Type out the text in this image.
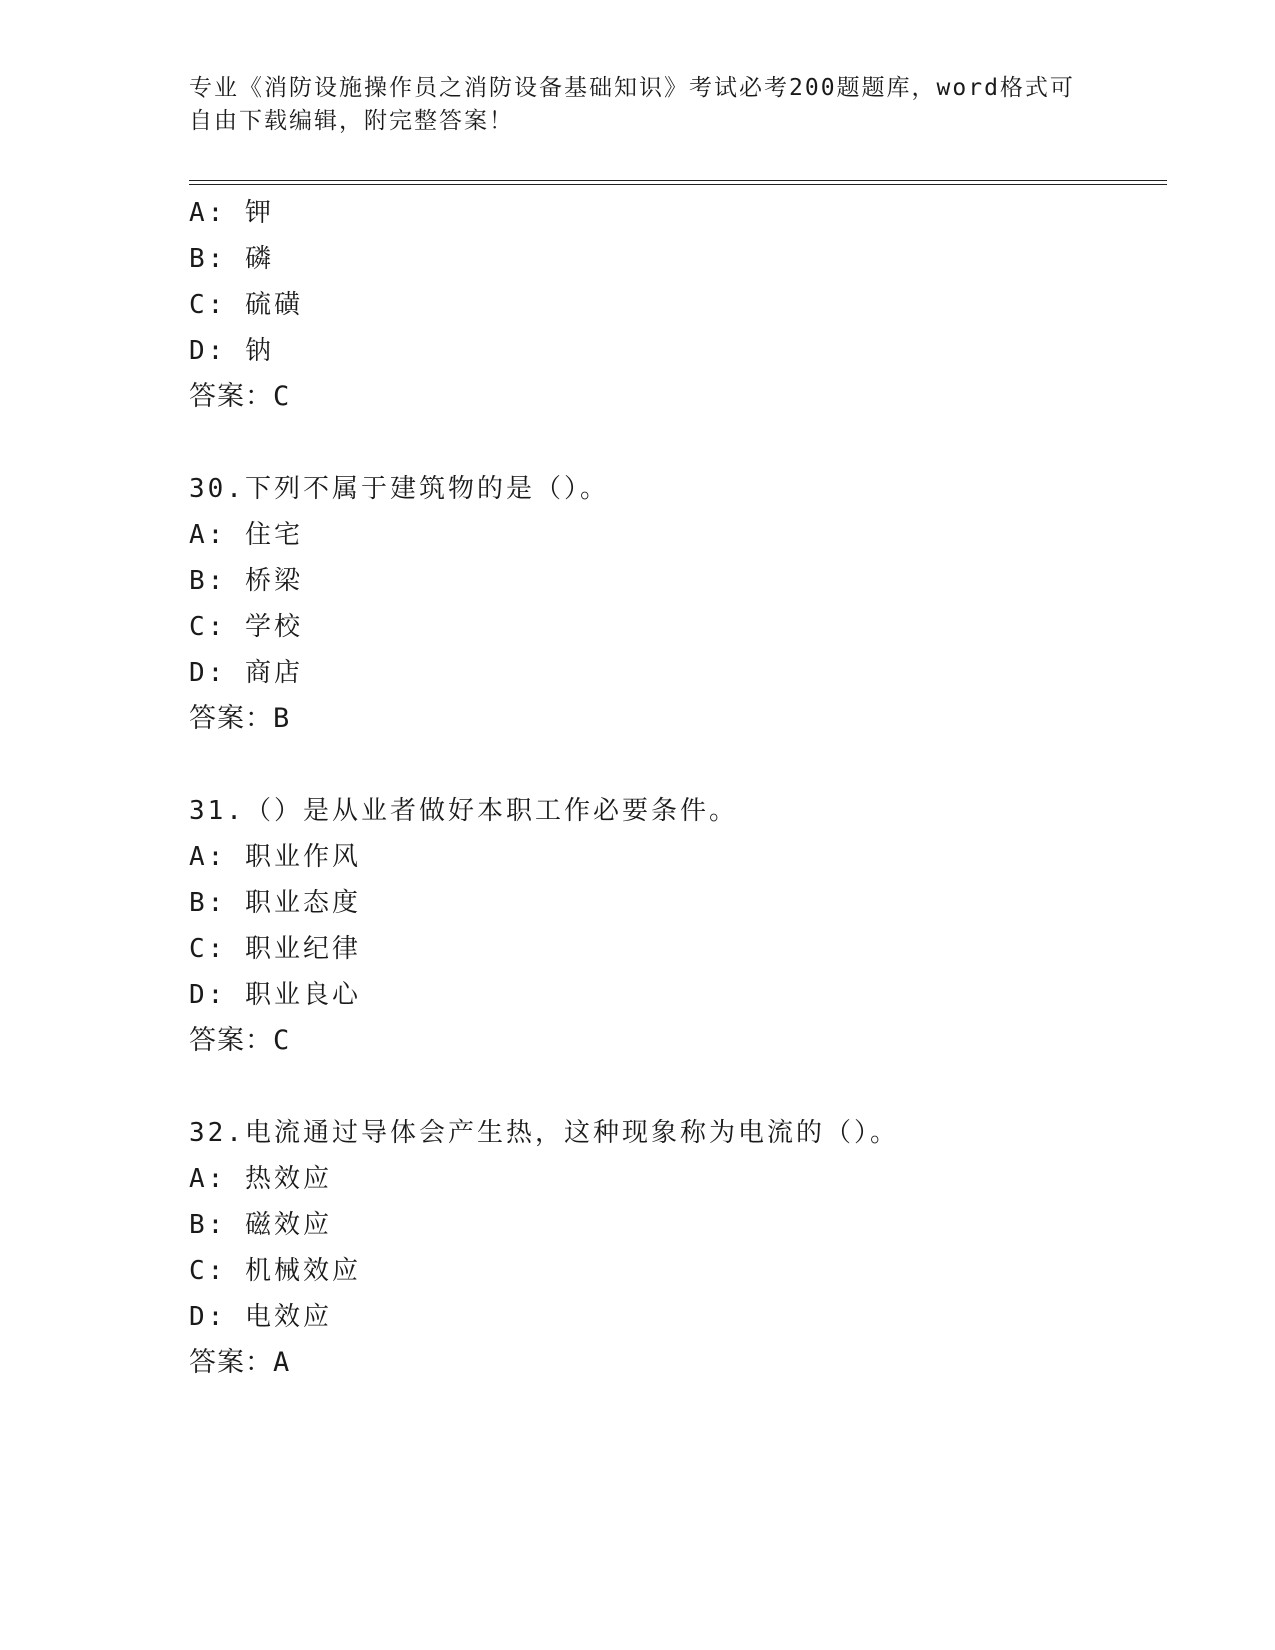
专业《消防设施操作员之消防设备基础知识》考试必考200题题库，word格式可
自由下载编辑，附完整答案！
A: 钾
B: 磷
C: 硫磺
D: 钠
答案：C
30.下列不属于建筑物的是（）。
A: 住宅
B: 桥梁
C: 学校
D: 商店
答案：B
31.（）是从业者做好本职工作必要条件。
A: 职业作风
B: 职业态度
C: 职业纪律
D: 职业良心
答案：C
32.电流通过导体会产生热，这种现象称为电流的（）。
A: 热效应
B: 磁效应
C: 机械效应
D: 电效应
答案：A
